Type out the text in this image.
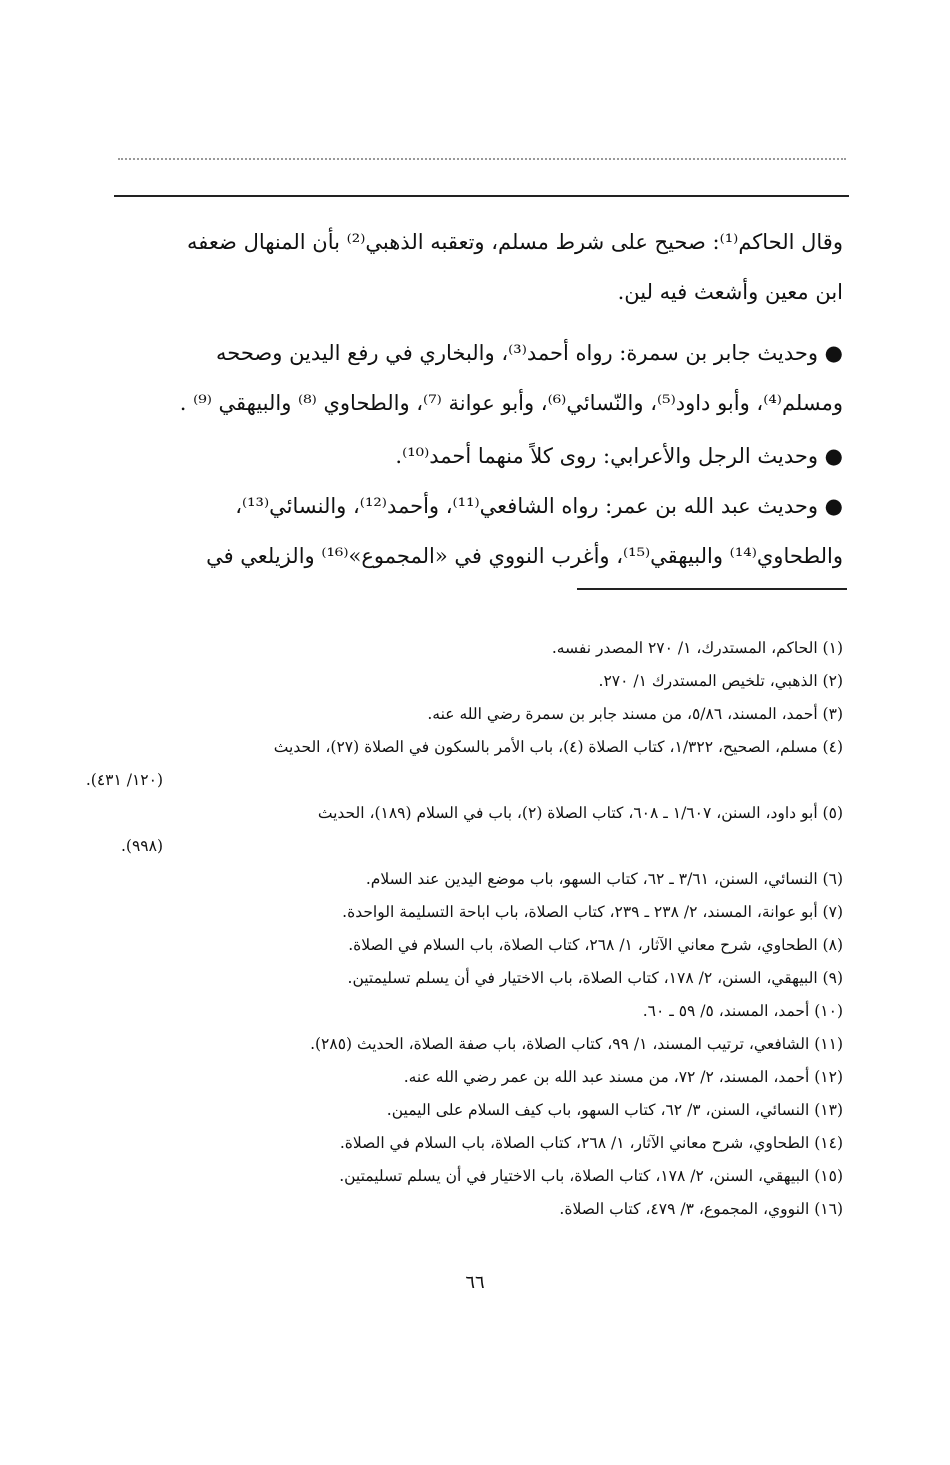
وقال الحاكم⁽¹⁾: صحيح على شرط مسلم، وتعقبه الذهبي⁽²⁾ بأن المنهال ضعفه
ابن معين وأشعث فيه لين.
● وحديث جابر بن سمرة: رواه أحمد⁽³⁾، والبخاري في رفع اليدين وصححه
ومسلم⁽⁴⁾، وأبو داود⁽⁵⁾، والنّسائي⁽⁶⁾، وأبو عوانة ⁽⁷⁾، والطحاوي ⁽⁸⁾ والبيهقي ⁽⁹⁾ .
● وحديث الرجل والأعرابي: روى كلاً منهما أحمد⁽¹⁰⁾.
● وحديث عبد الله بن عمر: رواه الشافعي⁽¹¹⁾، وأحمد⁽¹²⁾، والنسائي⁽¹³⁾،
والطحاوي⁽¹⁴⁾ والبيهقي⁽¹⁵⁾، وأغرب النووي في «المجموع»⁽¹⁶⁾ والزيلعي في
(١) الحاكم، المستدرك، ١/ ٢٧٠ المصدر نفسه.
(٢) الذهبي، تلخيص المستدرك ١/ ٢٧٠.
(٣) أحمد، المسند، ٥/٨٦، من مسند جابر بن سمرة رضي الله عنه.
(٤) مسلم، الصحيح، ١/٣٢٢، كتاب الصلاة (٤)، باب الأمر بالسكون في الصلاة (٢٧)، الحديث
(١٢٠/ ٤٣١).
(٥) أبو داود، السنن، ١/٦٠٧ ـ ٦٠٨، كتاب الصلاة (٢)، باب في السلام (١٨٩)، الحديث
(٩٩٨).
(٦) النسائي، السنن، ٣/٦١ ـ ٦٢، كتاب السهو، باب موضع اليدين عند السلام.
(٧) أبو عوانة، المسند، ٢/ ٢٣٨ ـ ٢٣٩، كتاب الصلاة، باب اباحة التسليمة الواحدة.
(٨) الطحاوي، شرح معاني الآثار، ١/ ٢٦٨، كتاب الصلاة، باب السلام في الصلاة.
(٩) البيهقي، السنن، ٢/ ١٧٨، كتاب الصلاة، باب الاختيار في أن يسلم تسليمتين.
(١٠) أحمد، المسند، ٥/ ٥٩ ـ ٦٠.
(١١) الشافعي، ترتيب المسند، ١/ ٩٩، كتاب الصلاة، باب صفة الصلاة، الحديث (٢٨٥).
(١٢) أحمد، المسند، ٢/ ٧٢، من مسند عبد الله بن عمر رضي الله عنه.
(١٣) النسائي، السنن، ٣/ ٦٢، كتاب السهو، باب كيف السلام على اليمين.
(١٤) الطحاوي، شرح معاني الآثار، ١/ ٢٦٨، كتاب الصلاة، باب السلام في الصلاة.
(١٥) البيهقي، السنن، ٢/ ١٧٨، كتاب الصلاة، باب الاختيار في أن يسلم تسليمتين.
(١٦) النووي، المجموع، ٣/ ٤٧٩، كتاب الصلاة.
٦٦
